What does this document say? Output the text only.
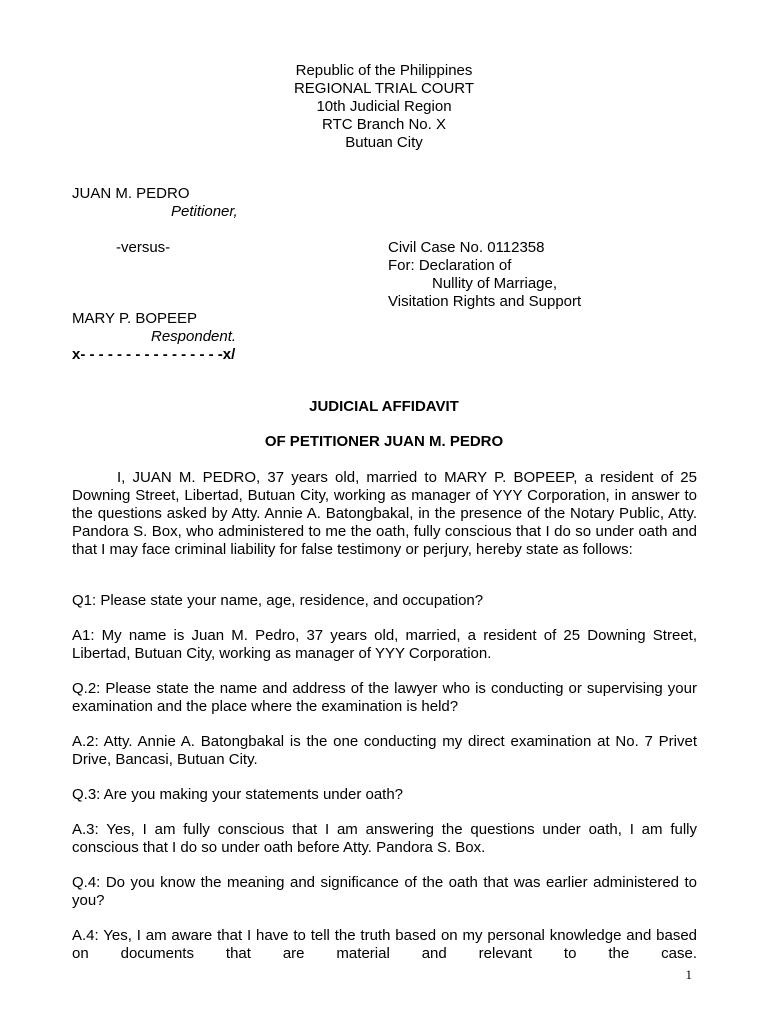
Republic of the Philippines
REGIONAL TRIAL COURT
10th Judicial Region
RTC Branch No. X
Butuan City
JUAN M. PEDRO
Petitioner,
-versus-	Civil Case No. 0112358
For: Declaration of
Nullity of Marriage,
Visitation Rights and Support
MARY P. BOPEEP
Respondent.
x- - - - - - - - - - - - - - - -x/
JUDICIAL AFFIDAVIT
OF PETITIONER JUAN M. PEDRO
I, JUAN M. PEDRO, 37 years old, married to MARY P. BOPEEP, a resident of 25 Downing Street, Libertad, Butuan City, working as manager of YYY Corporation, in answer to the questions asked by Atty. Annie A. Batongbakal, in the presence of the Notary Public, Atty. Pandora S. Box, who administered to me the oath, fully conscious that I do so under oath and that I may face criminal liability for false testimony or perjury, hereby state as follows:
Q1: Please state your name, age, residence, and occupation?
A1: My name is Juan M. Pedro, 37 years old, married, a resident of 25 Downing Street, Libertad, Butuan City, working as manager of YYY Corporation.
Q.2: Please state the name and address of the lawyer who is conducting or supervising your examination and the place where the examination is held?
A.2: Atty. Annie A. Batongbakal is the one conducting my direct examination at No. 7 Privet Drive, Bancasi, Butuan City.
Q.3: Are you making your statements under oath?
A.3: Yes, I am fully conscious that I am answering the questions under oath, I am fully conscious that I do so under oath before Atty. Pandora S. Box.
Q.4: Do you know the meaning and significance of the oath that was earlier administered to you?
A.4: Yes, I am aware that I have to tell the truth based on my personal knowledge and based on documents that are material and relevant to the case.
1
